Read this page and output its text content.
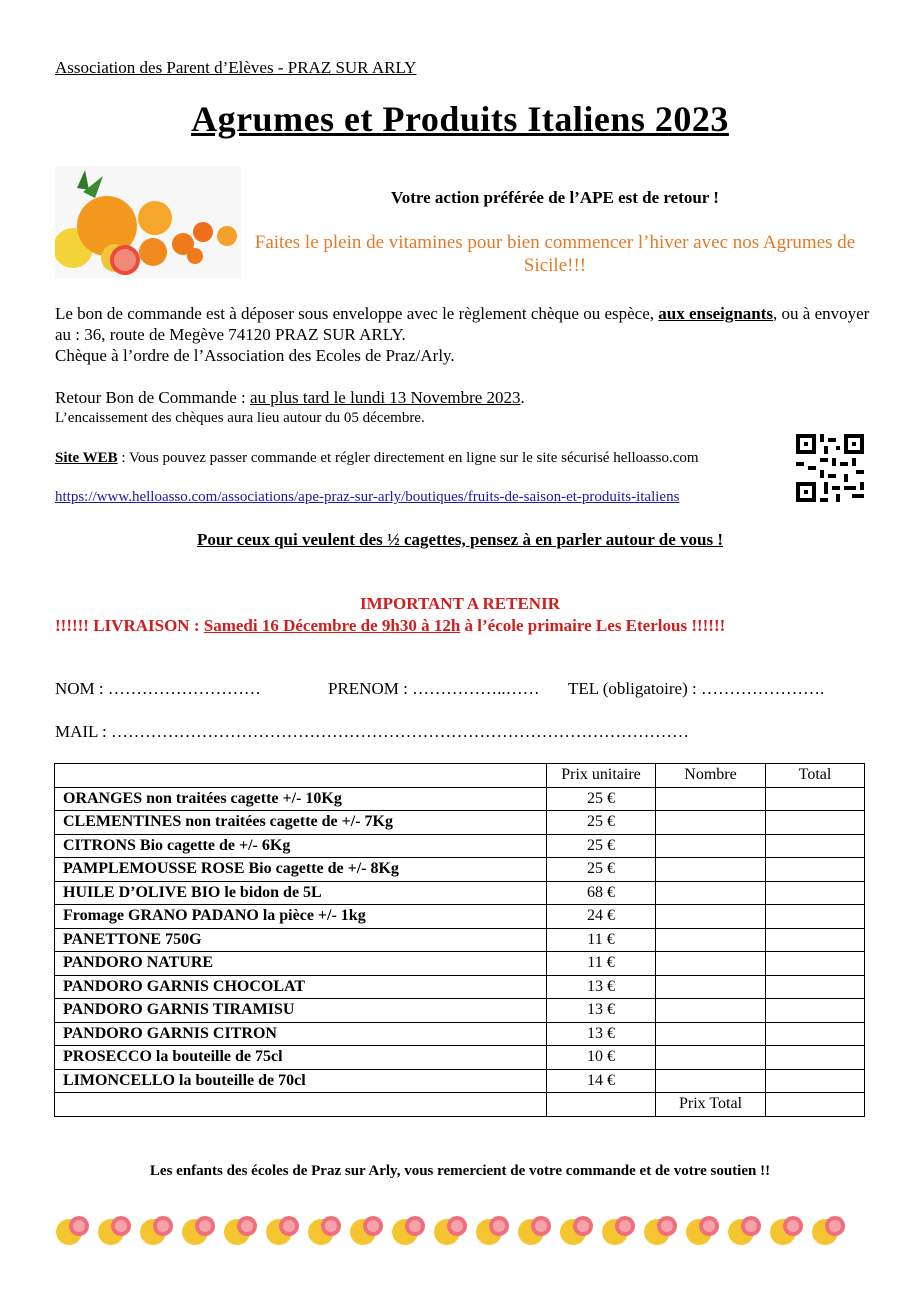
Association des Parent d’Elèves - PRAZ SUR ARLY
Agrumes et Produits Italiens 2023
Votre action préférée de l’APE est de retour !
Faites le plein de vitamines pour bien commencer l’hiver avec nos Agrumes de Sicile!!!
Le bon de commande est à déposer sous enveloppe avec le règlement chèque ou espèce, aux enseignants, ou à envoyer au : 36, route de Megève 74120 PRAZ SUR ARLY.
Chèque à l’ordre de l’Association des Ecoles de Praz/Arly.
Retour Bon de Commande : au plus tard le lundi 13 Novembre 2023.
L’encaissement des chèques aura lieu autour du 05 décembre.
Site WEB : Vous pouvez passer commande et régler directement en ligne sur le site sécurisé helloasso.com
https://www.helloasso.com/associations/ape-praz-sur-arly/boutiques/fruits-de-saison-et-produits-italiens
Pour ceux qui veulent des ½ cagettes, pensez à en parler autour de vous !
IMPORTANT A RETENIR
!!!!!! LIVRAISON : Samedi 16 Décembre de 9h30 à 12h à l’école primaire Les Eterlous !!!!!!
NOM : ………………………	PRENOM : ……………..…… TEL (obligatoire) : ………………….
MAIL : …………………………………………………………………………………………
	Prix unitaire	Nombre	Total
ORANGES non traitées cagette +/- 10Kg	25 €		
CLEMENTINES non traitées cagette de +/- 7Kg	25 €		
CITRONS Bio cagette de +/- 6Kg	25 €		
PAMPLEMOUSSE ROSE Bio cagette de +/- 8Kg	25 €		
HUILE D’OLIVE BIO le bidon de 5L	68 €		
Fromage GRANO PADANO la pièce +/- 1kg	24 €		
PANETTONE 750G	11 €		
PANDORO NATURE	11 €		
PANDORO GARNIS CHOCOLAT	13 €		
PANDORO GARNIS TIRAMISU	13 €		
PANDORO GARNIS CITRON	13 €		
PROSECCO la bouteille de 75cl	10 €		
LIMONCELLO la bouteille de 70cl	14 €		
		Prix Total	
Les enfants des écoles de Praz sur Arly, vous remercient de votre commande et de votre soutien !!
